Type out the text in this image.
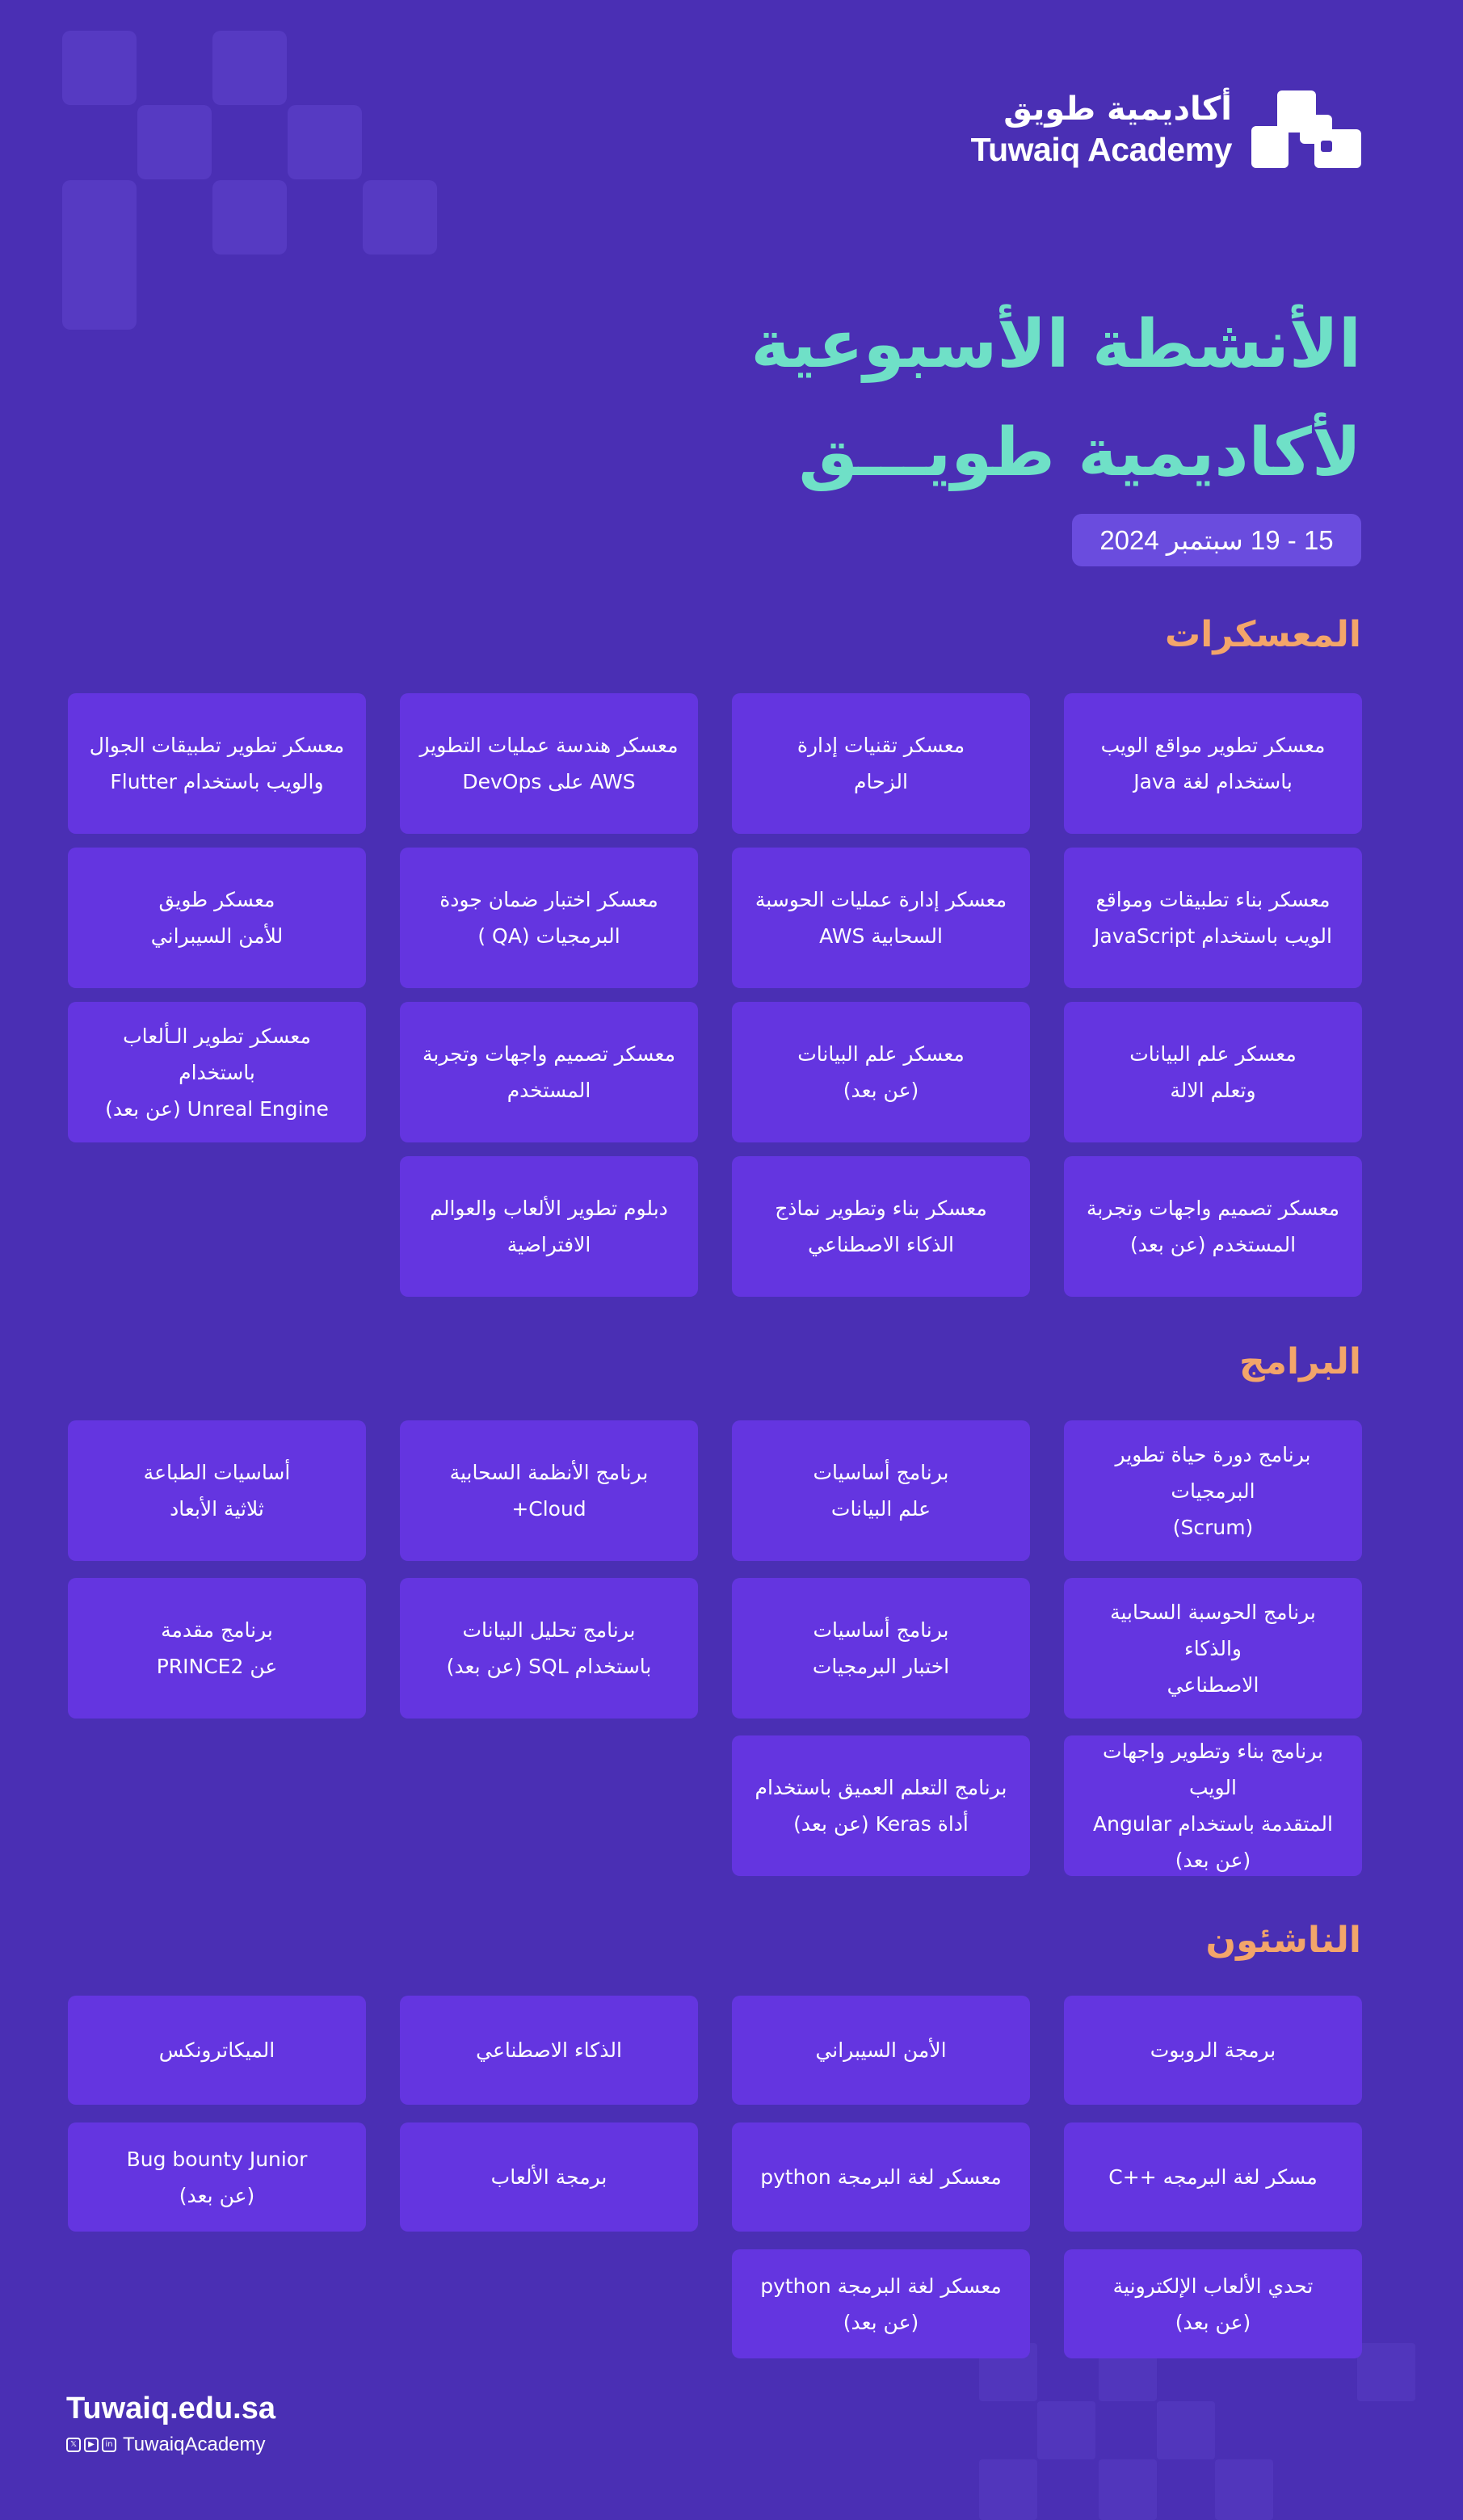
أكاديمية طويق
Tuwaiq Academy
الأنشطة الأسبوعية
لأكاديمية طويـــق
15 - 19 سبتمبر 2024
المعسكرات
معسكر تطوير مواقع الويب
باستخدام لغة Java
معسكر تقنيات إدارة
الزحام
معسكر هندسة عمليات التطوير
AWS على DevOps
معسكر تطوير تطبيقات الجوال
والويب باستخدام Flutter
معسكر بناء تطبيقات ومواقع
الويب باستخدام JavaScript
معسكر إدارة عمليات الحوسبة
السحابية AWS
معسكر اختبار ضمان جودة
البرمجيات (QA )
معسكر طويق
للأمن السيبراني
معسكر علم البيانات
وتعلم الالة
معسكر علم البيانات
(عن بعد)
معسكر تصميم واجهات وتجربة
المستخدم
معسكر تطوير الـألعاب باستخدام
Unreal Engine (عن بعد)
معسكر تصميم واجهات وتجربة
المستخدم (عن بعد)
معسكر بناء وتطوير نماذج
الذكاء الاصطناعي
دبلوم تطوير الألعاب والعوالم
الافتراضية
البرامج
برنامج دورة حياة تطوير البرمجيات
(Scrum)
برنامج أساسيات
علم البيانات
برنامج الأنظمة السحابية
Cloud+
أساسيات الطباعة
ثلاثية الأبعاد
برنامج الحوسبة السحابية والذكاء
الاصطناعي
برنامج أساسيات
اختبار البرمجيات
برنامج تحليل البيانات
باستخدام SQL (عن بعد)
برنامج مقدمة
عن PRINCE2
برنامج بناء وتطوير واجهات الويب
المتقدمة باستخدام Angular
(عن بعد)
برنامج التعلم العميق باستخدام
أداة Keras (عن بعد)
الناشئون
برمجة الروبوت
الأمن السيبراني
الذكاء الاصطناعي
الميكاترونكس
مسكر لغة البرمجه ++C
معسكر لغة البرمجة python
برمجة الألعاب
Bug bounty Junior
(عن بعد)
تحدي الألعاب الإلكترونية
(عن بعد)
معسكر لغة البرمجة python
(عن بعد)
Tuwaiq.edu.sa
𝕏	▶	in TuwaiqAcademy
